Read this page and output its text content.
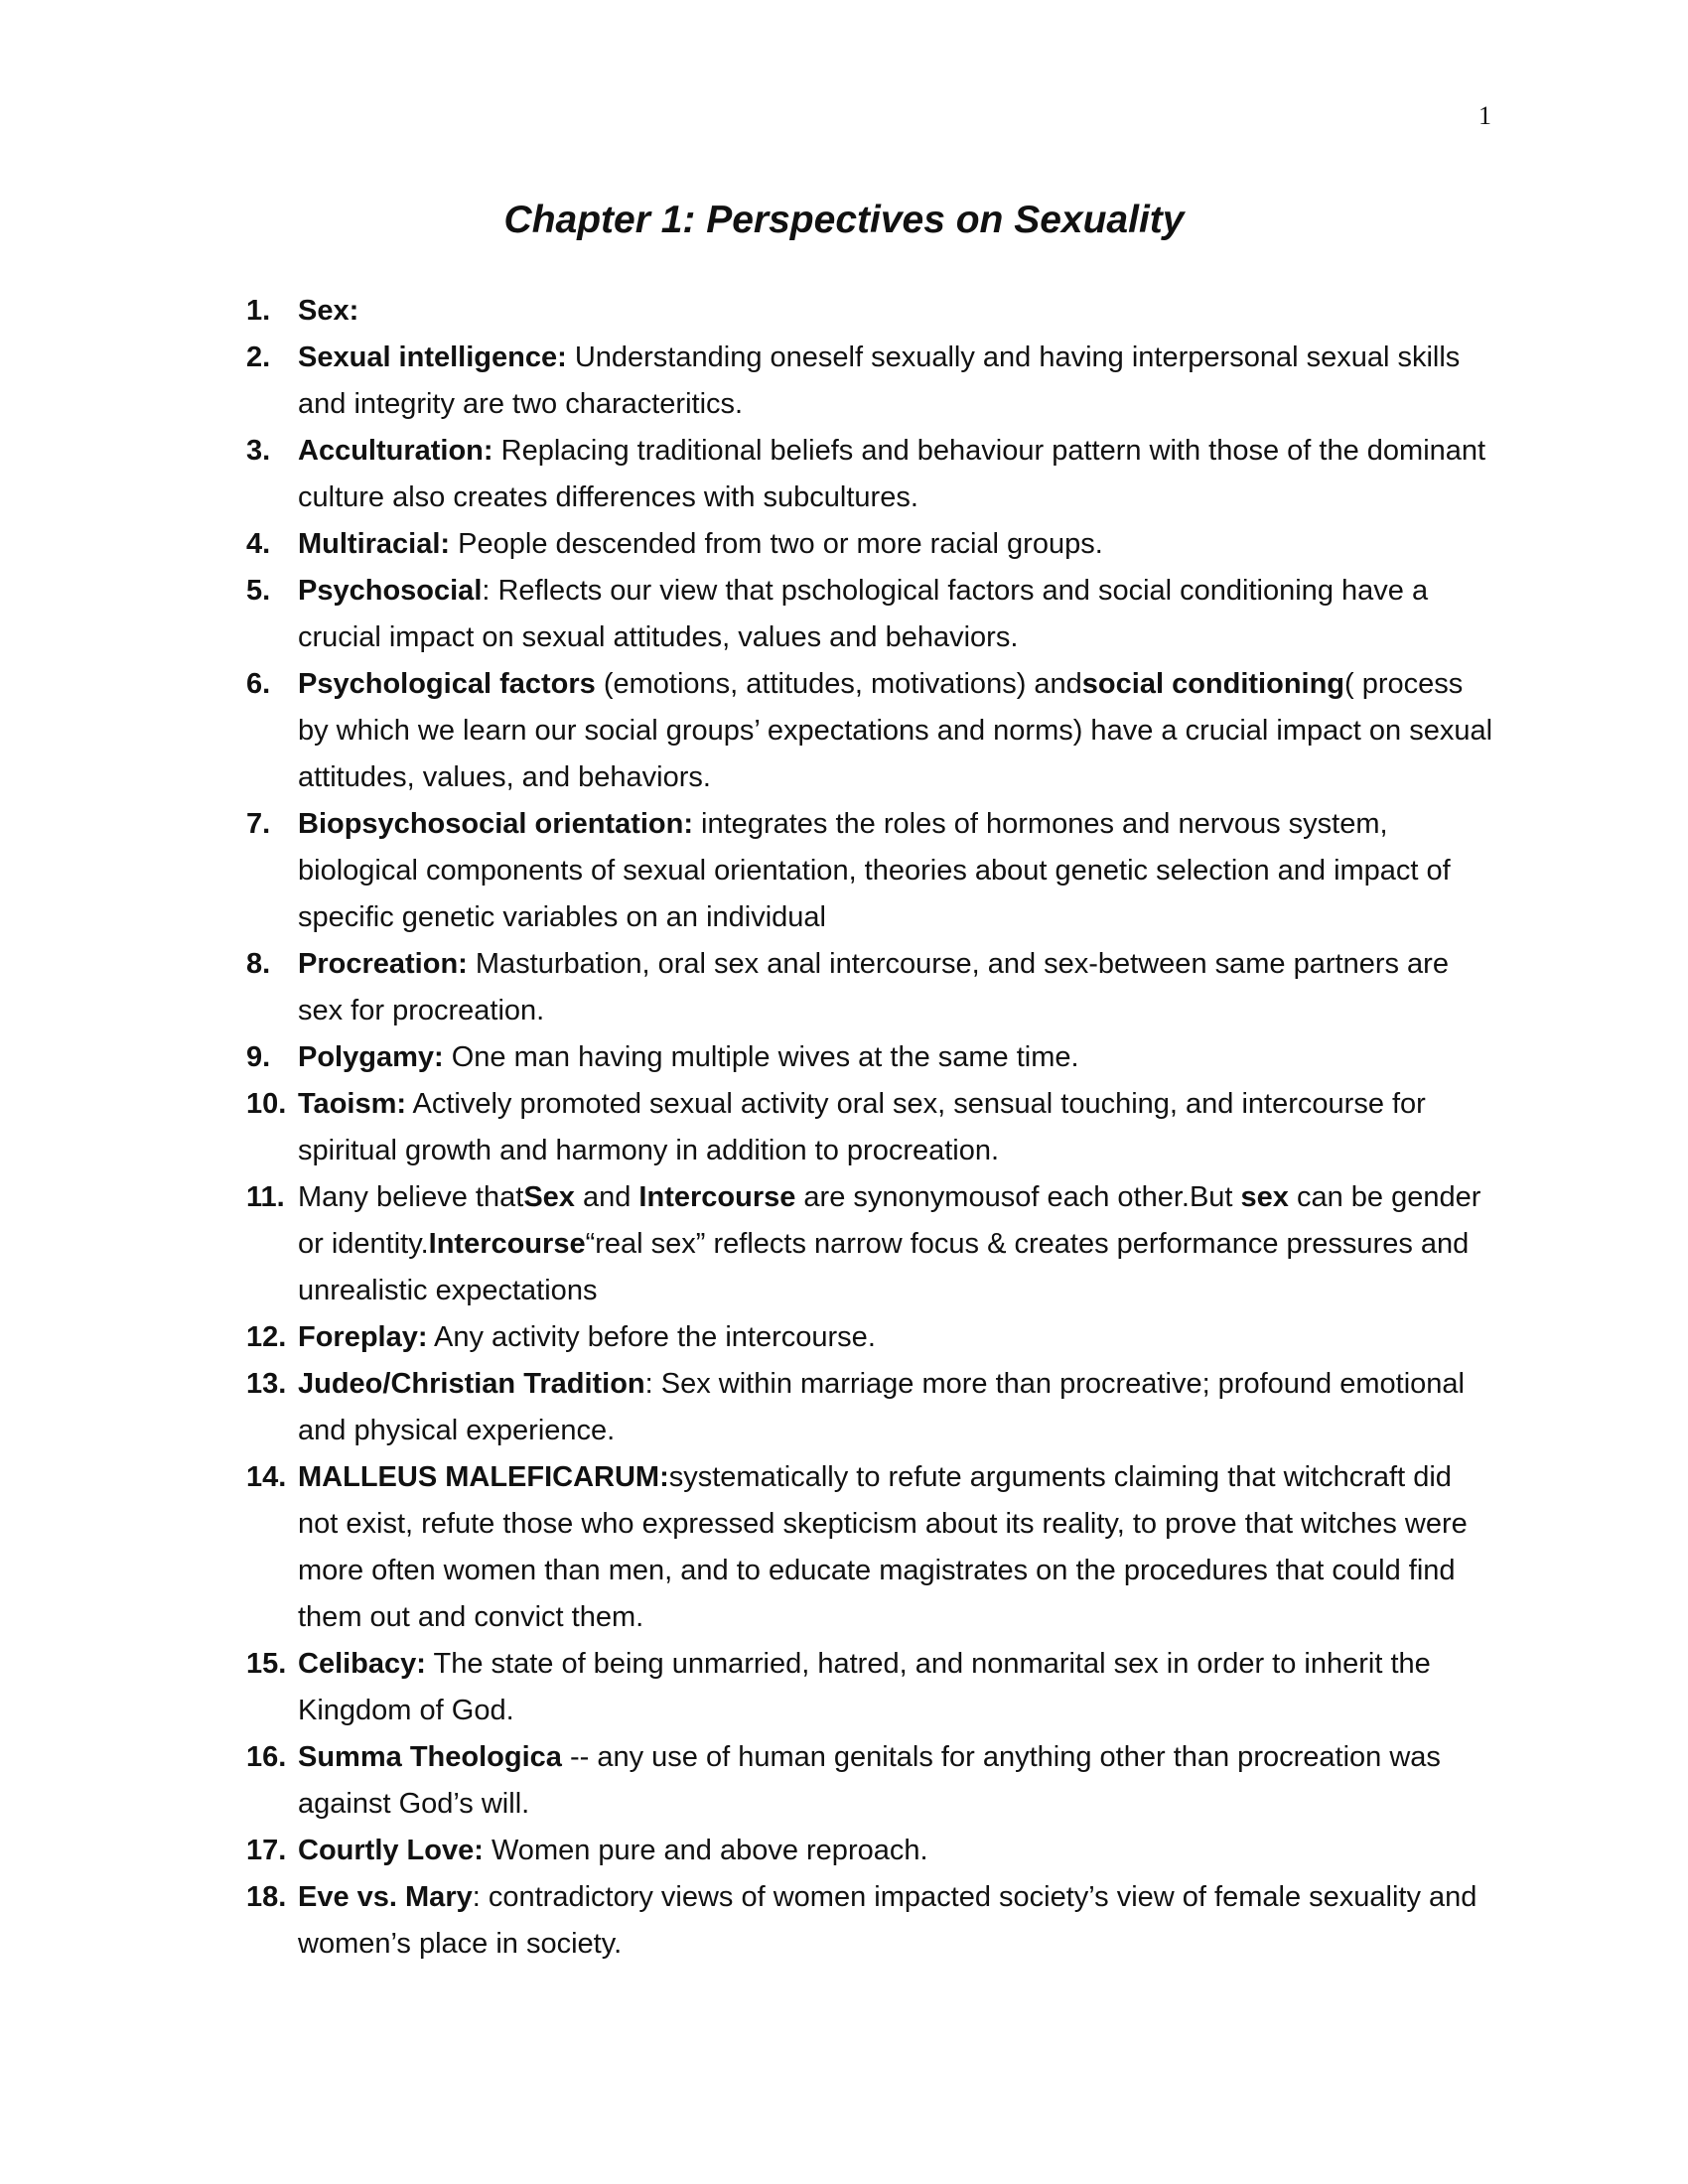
1
Chapter 1: Perspectives on Sexuality
1. Sex:
2. Sexual intelligence: Understanding oneself sexually and having interpersonal sexual skills and integrity are two characteritics.
3. Acculturation: Replacing traditional beliefs and behaviour pattern with those of the dominant culture also creates differences with subcultures.
4. Multiracial: People descended from two or more racial groups.
5. Psychosocial: Reflects our view that pschological factors and social conditioning have a crucial impact on sexual attitudes, values and behaviors.
6. Psychological factors (emotions, attitudes, motivations) andsocial conditioning( process by which we learn our social groups’ expectations and norms) have a crucial impact on sexual attitudes, values, and behaviors.
7. Biopsychosocial orientation: integrates the roles of hormones and nervous system, biological components of sexual orientation, theories about genetic selection and impact of specific genetic variables on an individual
8. Procreation: Masturbation, oral sex anal intercourse, and sex-between same partners are sex for procreation.
9. Polygamy: One man having multiple wives at the same time.
10. Taoism: Actively promoted sexual activity oral sex, sensual touching, and intercourse for spiritual growth and harmony in addition to procreation.
11. Many believe thatSex and Intercourse are synonymousof each other.But sex can be gender or identity.Intercourse“real sex” reflects narrow focus & creates performance pressures and unrealistic expectations
12. Foreplay: Any activity before the intercourse.
13. Judeo/Christian Tradition: Sex within marriage more than procreative; profound emotional and physical experience.
14. MALLEUS MALEFICARUM:systematically to refute arguments claiming that witchcraft did not exist, refute those who expressed skepticism about its reality, to prove that witches were more often women than men, and to educate magistrates on the procedures that could find them out and convict them.
15. Celibacy: The state of being unmarried, hatred, and nonmarital sex in order to inherit the Kingdom of God.
16. Summa Theologica -- any use of human genitals for anything other than procreation was against God’s will.
17. Courtly Love: Women pure and above reproach.
18. Eve vs. Mary: contradictory views of women impacted society’s view of female sexuality and women’s place in society.
